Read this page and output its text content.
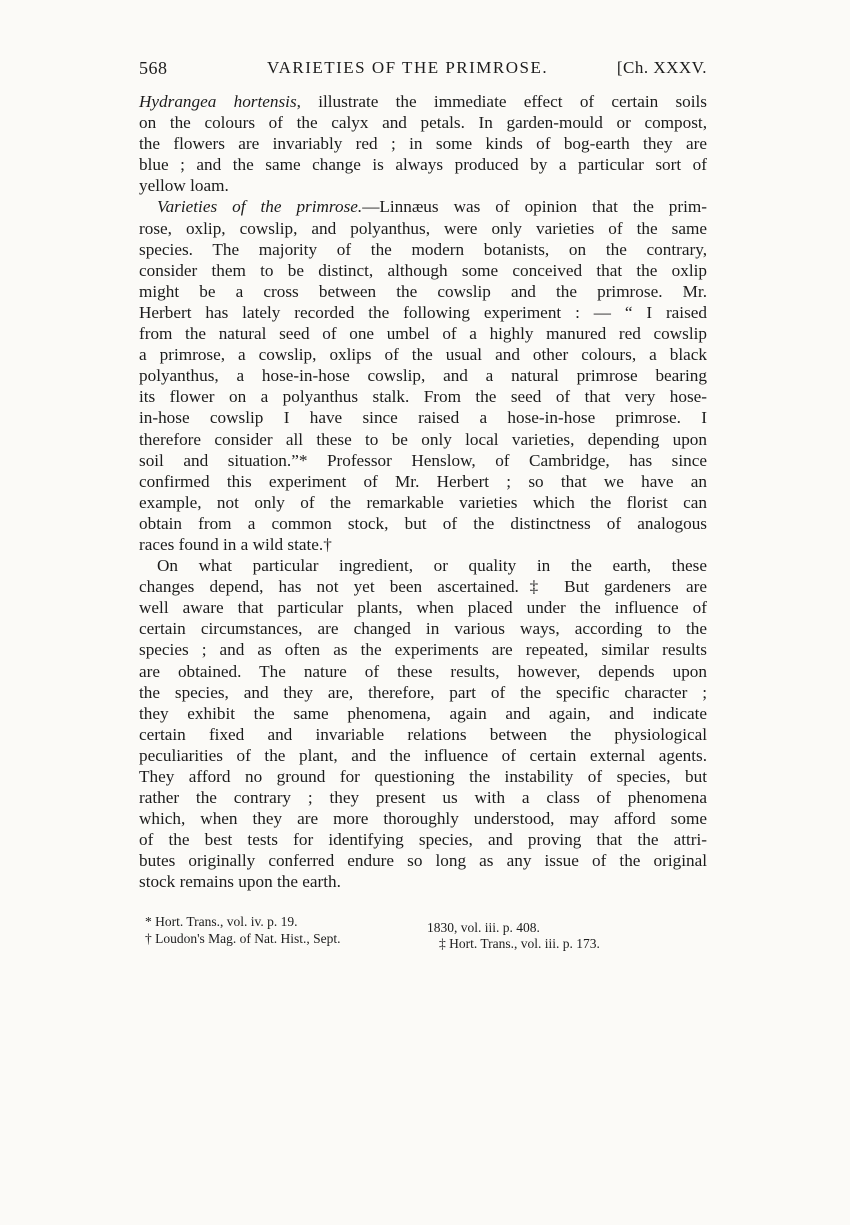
568	VARIETIES OF THE PRIMROSE.	[Ch. XXXV.

Hydrangea hortensis, illustrate the immediate effect of certain soils
on the colours of the calyx and petals. In garden-mould or compost,
the flowers are invariably red ; in some kinds of bog-earth they are
blue ; and the same change is always produced by a particular sort of
yellow loam.

Varieties of the primrose.—Linnæus was of opinion that the prim-
rose, oxlip, cowslip, and polyanthus, were only varieties of the same
species. The majority of the modern botanists, on the contrary,
consider them to be distinct, although some conceived that the oxlip
might be a cross between the cowslip and the primrose. Mr.
Herbert has lately recorded the following experiment : — “ I raised
from the natural seed of one umbel of a highly manured red cowslip
a primrose, a cowslip, oxlips of the usual and other colours, a black
polyanthus, a hose-in-hose cowslip, and a natural primrose bearing
its flower on a polyanthus stalk. From the seed of that very hose-
in-hose cowslip I have since raised a hose-in-hose primrose. I
therefore consider all these to be only local varieties, depending upon
soil and situation.”* Professor Henslow, of Cambridge, has since
confirmed this experiment of Mr. Herbert ; so that we have an
example, not only of the remarkable varieties which the florist can
obtain from a common stock, but of the distinctness of analogous
races found in a wild state.†

On what particular ingredient, or quality in the earth, these
changes depend, has not yet been ascertained.‡ But gardeners are
well aware that particular plants, when placed under the influence of
certain circumstances, are changed in various ways, according to the
species ; and as often as the experiments are repeated, similar results
are obtained. The nature of these results, however, depends upon
the species, and they are, therefore, part of the specific character ;
they exhibit the same phenomena, again and again, and indicate
certain fixed and invariable relations between the physiological
peculiarities of the plant, and the influence of certain external agents.
They afford no ground for questioning the instability of species, but
rather the contrary ; they present us with a class of phenomena
which, when they are more thoroughly understood, may afford some
of the best tests for identifying species, and proving that the attri-
butes originally conferred endure so long as any issue of the original
stock remains upon the earth.

* Hort. Trans., vol. iv. p. 19.
† Loudon's Mag. of Nat. Hist., Sept.
1830, vol. iii. p. 408.
‡ Hort. Trans., vol. iii. p. 173.
